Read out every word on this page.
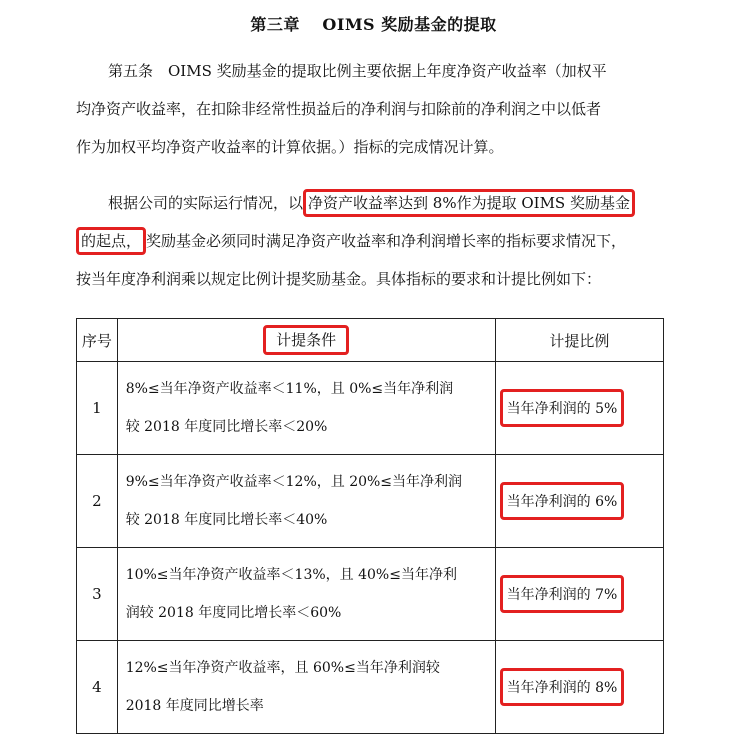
第三章　 OIMS 奖励基金的提取
第五条　OIMS 奖励基金的提取比例主要依据上年度净资产收益率（加权平
均净资产收益率，在扣除非经常性损益后的净利润与扣除前的净利润之中以低者
作为加权平均净资产收益率的计算依据。）指标的完成情况计算。
根据公司的实际运行情况，以 净资产收益率达到 8%作为提取 OIMS 奖励基金
的起点， 奖励基金必须同时满足净资产收益率和净利润增长率的指标要求情况下，
按当年度净利润乘以规定比例计提奖励基金。具体指标的要求和计提比例如下：
序号	计提条件	计提比例
1	8%≤当年净资产收益率＜11%，且 0%≤当年净利润
较 2018 年度同比增长率＜20%	当年净利润的 5%
2	9%≤当年净资产收益率＜12%，且 20%≤当年净利润
较 2018 年度同比增长率＜40%	当年净利润的 6%
3	10%≤当年净资产收益率＜13%，且 40%≤当年净利
润较 2018 年度同比增长率＜60%	当年净利润的 7%
4	12%≤当年净资产收益率，且 60%≤当年净利润较
2018 年度同比增长率	当年净利润的 8%
